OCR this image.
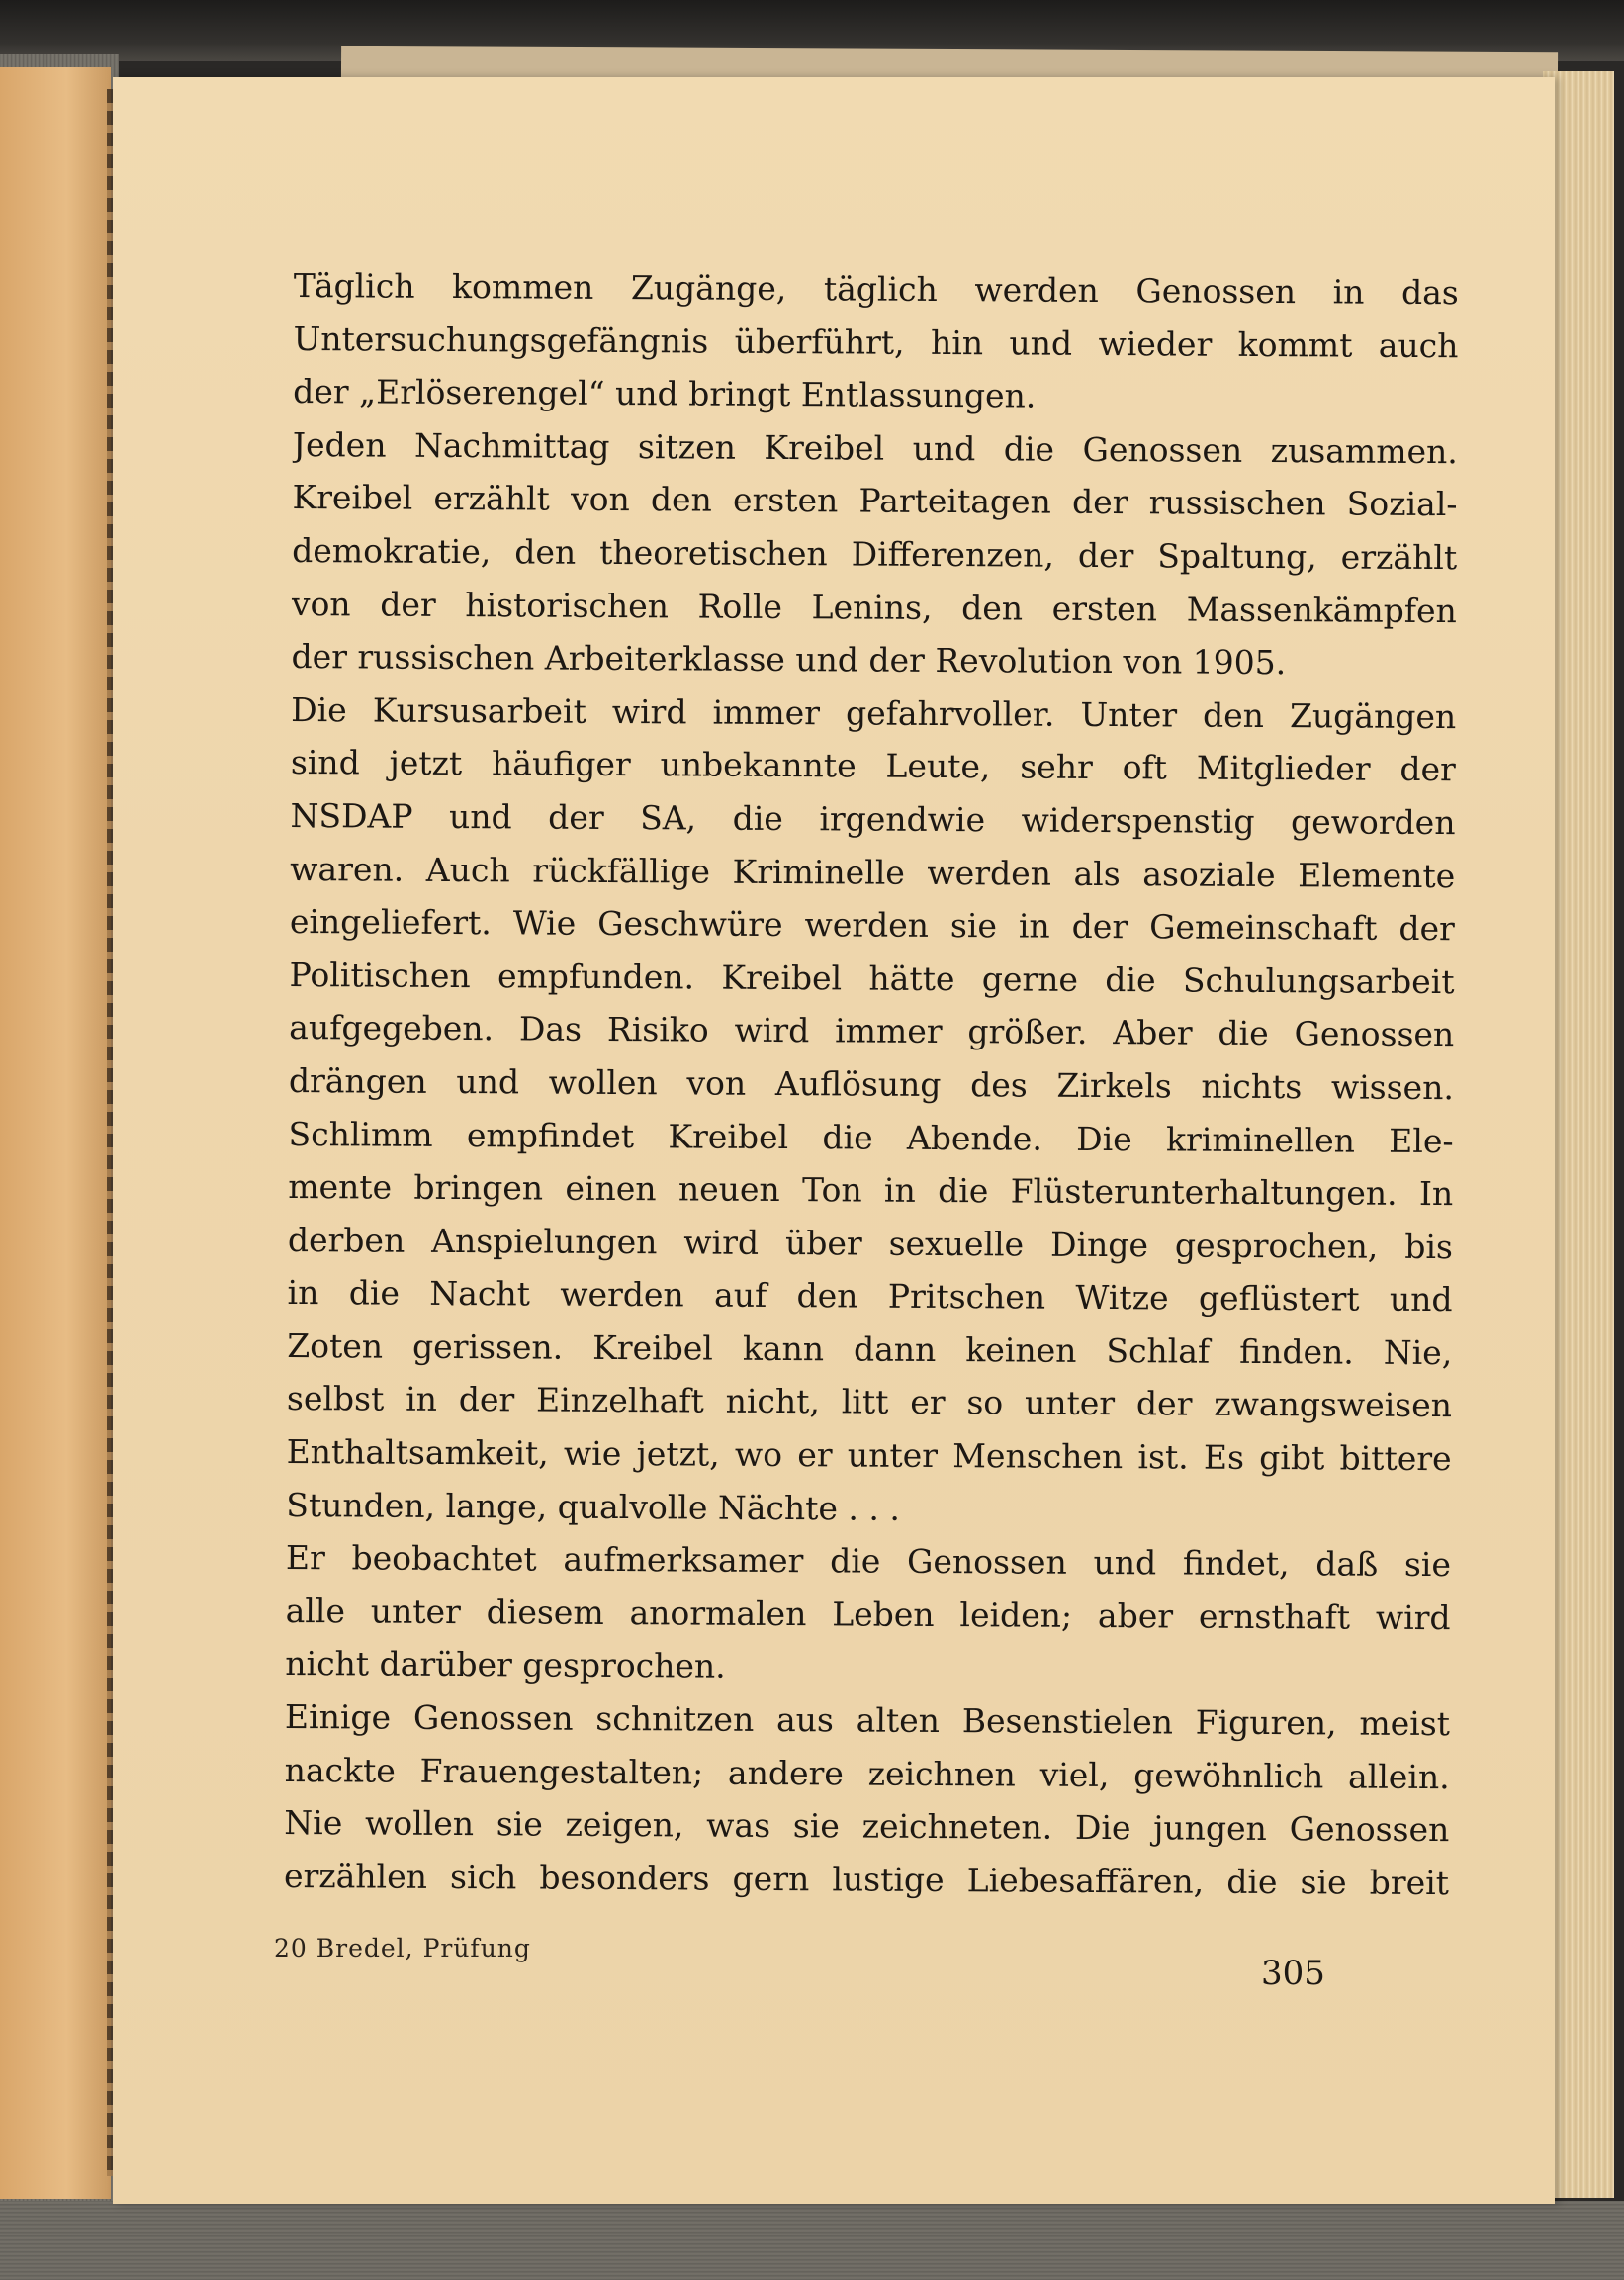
Täglich kommen Zugänge, täglich werden Genossen in das
Untersuchungsgefängnis überführt, hin und wieder kommt auch
der „Erlöserengel“ und bringt Entlassungen.
Jeden Nachmittag sitzen Kreibel und die Genossen zusammen.
Kreibel erzählt von den ersten Parteitagen der russischen Sozial-
demokratie, den theoretischen Differenzen, der Spaltung, erzählt
von der historischen Rolle Lenins, den ersten Massenkämpfen
der russischen Arbeiterklasse und der Revolution von 1905.
Die Kursusarbeit wird immer gefahrvoller. Unter den Zugängen
sind jetzt häufiger unbekannte Leute, sehr oft Mitglieder der
NSDAP und der SA, die irgendwie widerspenstig geworden
waren. Auch rückfällige Kriminelle werden als asoziale Elemente
eingeliefert. Wie Geschwüre werden sie in der Gemeinschaft der
Politischen empfunden. Kreibel hätte gerne die Schulungsarbeit
aufgegeben. Das Risiko wird immer größer. Aber die Genossen
drängen und wollen von Auflösung des Zirkels nichts wissen.
Schlimm empfindet Kreibel die Abende. Die kriminellen Ele-
mente bringen einen neuen Ton in die Flüsterunterhaltungen. In
derben Anspielungen wird über sexuelle Dinge gesprochen, bis
in die Nacht werden auf den Pritschen Witze geflüstert und
Zoten gerissen. Kreibel kann dann keinen Schlaf finden. Nie,
selbst in der Einzelhaft nicht, litt er so unter der zwangsweisen
Enthaltsamkeit, wie jetzt, wo er unter Menschen ist. Es gibt bittere
Stunden, lange, qualvolle Nächte . . .
Er beobachtet aufmerksamer die Genossen und findet, daß sie
alle unter diesem anormalen Leben leiden; aber ernsthaft wird
nicht darüber gesprochen.
Einige Genossen schnitzen aus alten Besenstielen Figuren, meist
nackte Frauengestalten; andere zeichnen viel, gewöhnlich allein.
Nie wollen sie zeigen, was sie zeichneten. Die jungen Genossen
erzählen sich besonders gern lustige Liebesaffären, die sie breit
20 Bredel, Prüfung
305
